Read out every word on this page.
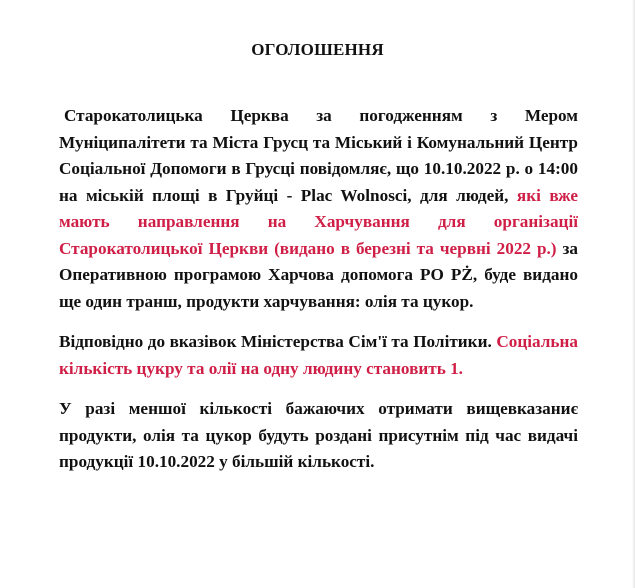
ОГОЛОШЕННЯ

Старокатолицька Церква за погодженням з Мером Муніципалітети та Міста Грусц та Міський і Комунальний Центр Соціальної Допомоги в Грусці повідомляє, що 10.10.2022 р. о 14:00 на міській площі в Груйці - Plac Wolnosci, для людей, які вже мають направлення на Харчування для організації Старокатолицької Церкви (видано в березні та червні 2022 р.) за Оперативною програмою Харчова допомога PO PŻ, буде видано ще один транш, продукти харчування: олія та цукор.

Відповідно до вказівок Міністерства Сім'ї та Політики. Соціальна кількість цукру та олії на одну людину становить 1.

У разі меншої кількості бажаючих отримати вищевказаниє продукти, олія та цукор будуть роздані присутнім під час видачі продукції 10.10.2022 у більшій кількості.
